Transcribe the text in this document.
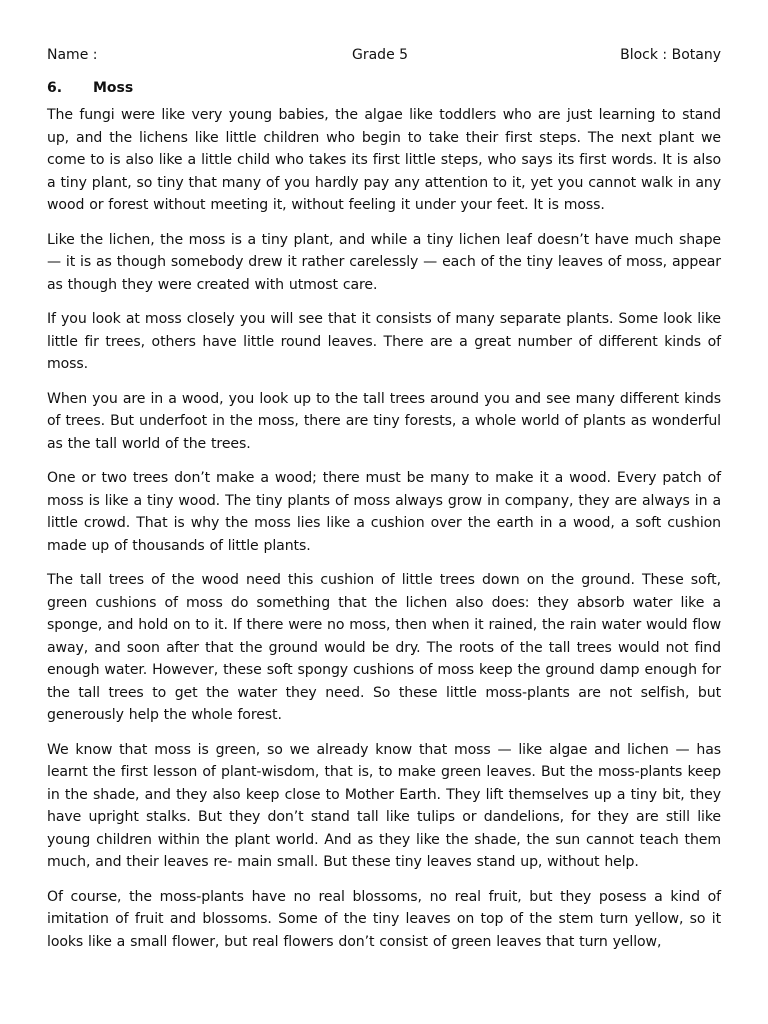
Name :	Grade 5	Block : Botany
6. Moss

The fungi were like very young babies, the algae like toddlers who are just learning to stand up, and the lichens like little children who begin to take their first steps. The next plant we come to is also like a little child who takes its first little steps, who says its first words. It is also a tiny plant, so tiny that many of you hardly pay any attention to it, yet you cannot walk in any wood or forest without meeting it, without feeling it under your feet. It is moss.

Like the lichen, the moss is a tiny plant, and while a tiny lichen leaf doesn’t have much shape — it is as though somebody drew it rather carelessly — each of the tiny leaves of moss, appear as though they were created with utmost care.

If you look at moss closely you will see that it consists of many separate plants. Some look like little fir trees, others have little round leaves. There are a great number of different kinds of moss.

When you are in a wood, you look up to the tall trees around you and see many different kinds of trees. But underfoot in the moss, there are tiny forests, a whole world of plants as wonderful as the tall world of the trees.

One or two trees don’t make a wood; there must be many to make it a wood. Every patch of moss is like a tiny wood. The tiny plants of moss always grow in company, they are always in a little crowd. That is why the moss lies like a cushion over the earth in a wood, a soft cushion made up of thousands of little plants.

The tall trees of the wood need this cushion of little trees down on the ground. These soft, green cushions of moss do something that the lichen also does: they absorb water like a sponge, and hold on to it. If there were no moss, then when it rained, the rain water would flow away, and soon after that the ground would be dry. The roots of the tall trees would not find enough water. However, these soft spongy cushions of moss keep the ground damp enough for the tall trees to get the water they need. So these little moss-plants are not selfish, but generously help the whole forest.

We know that moss is green, so we already know that moss — like algae and lichen — has learnt the first lesson of plant-wisdom, that is, to make green leaves. But the moss-plants keep in the shade, and they also keep close to Mother Earth. They lift themselves up a tiny bit, they have upright stalks. But they don’t stand tall like tulips or dandelions, for they are still like young children within the plant world. And as they like the shade, the sun cannot teach them much, and their leaves re- main small. But these tiny leaves stand up, without help.

Of course, the moss-plants have no real blossoms, no real fruit, but they posess a kind of imitation of fruit and blossoms. Some of the tiny leaves on top of the stem turn yellow, so it looks like a small flower, but real flowers don’t consist of green leaves that turn yellow,
